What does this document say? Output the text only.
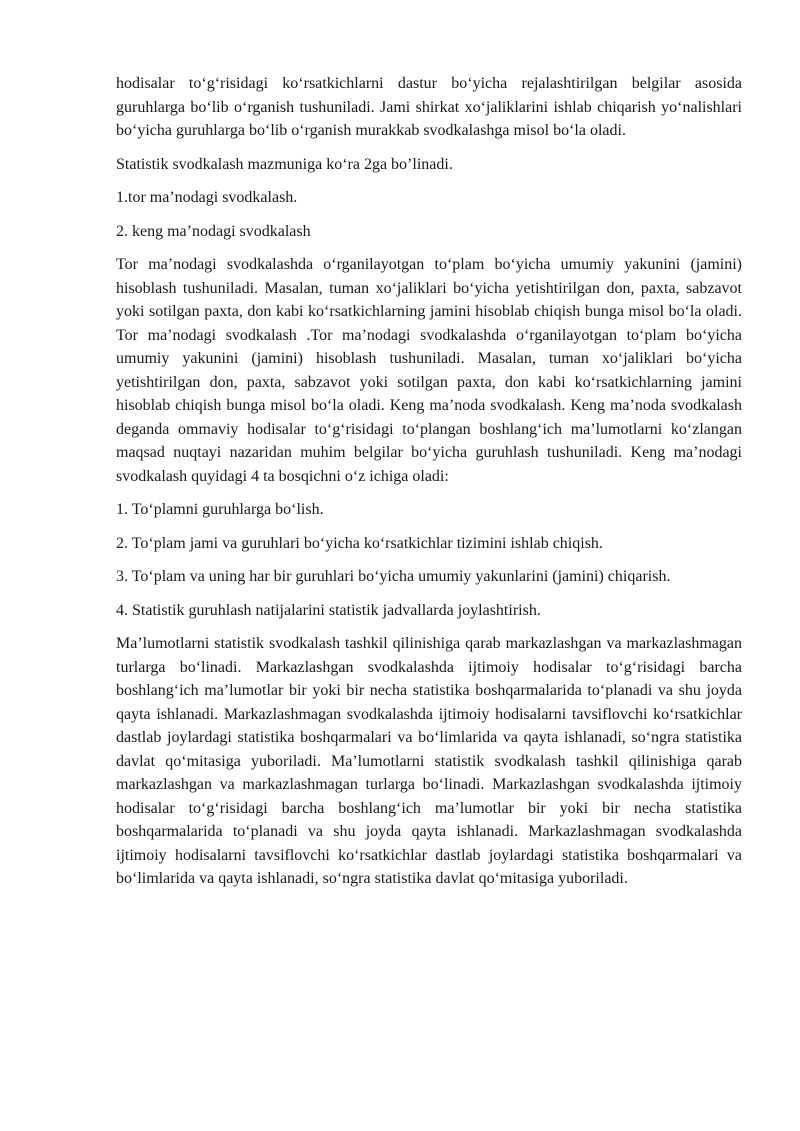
hodisalar to‘g‘risidagi ko‘rsatkichlarni dastur bo‘yicha rejalashtirilgan belgilar asosida guruhlarga bo‘lib o‘rganish tushuniladi. Jami shirkat xo‘jaliklarini ishlab chiqarish yo‘nalishlari bo‘yicha guruhlarga bo‘lib o‘rganish murakkab svodkalashga misol bo‘la oladi.

Statistik svodkalash mazmuniga ko‘ra 2ga bo’linadi.

1.tor ma’nodagi svodkalash.

2. keng ma’nodagi svodkalash

Tor ma’nodagi svodkalashda o‘rganilayotgan to‘plam bo‘yicha umumiy yakunini (jamini) hisoblash tushuniladi. Masalan, tuman xo‘jaliklari bo‘yicha yetishtirilgan don, paxta, sabzavot yoki sotilgan paxta, don kabi ko‘rsatkichlarning jamini hisoblab chiqish bunga misol bo‘la oladi. Tor ma’nodagi svodkalash .Tor ma’nodagi svodkalashda o‘rganilayotgan to‘plam bo‘yicha umumiy yakunini (jamini) hisoblash tushuniladi. Masalan, tuman xo‘jaliklari bo‘yicha yetishtirilgan don, paxta, sabzavot yoki sotilgan paxta, don kabi ko‘rsatkichlarning jamini hisoblab chiqish bunga misol bo‘la oladi. Keng ma’noda svodkalash. Keng ma’noda svodkalash deganda ommaviy hodisalar to‘g‘risidagi to‘plangan boshlang‘ich ma’lumotlarni ko‘zlangan maqsad nuqtayi nazaridan muhim belgilar bo‘yicha guruhlash tushuniladi. Keng ma’nodagi svodkalash quyidagi 4 ta bosqichni o‘z ichiga oladi:

1. To‘plamni guruhlarga bo‘lish.

2. To‘plam jami va guruhlari bo‘yicha ko‘rsatkichlar tizimini ishlab chiqish.

3. To‘plam va uning har bir guruhlari bo‘yicha umumiy yakunlarini (jamini) chiqarish.

4. Statistik guruhlash natijalarini statistik jadvallarda joylashtirish.

Ma’lumotlarni statistik svodkalash tashkil qilinishiga qarab markazlashgan va markazlashmagan turlarga bo‘linadi. Markazlashgan svodkalashda ijtimoiy hodisalar to‘g‘risidagi barcha boshlang‘ich ma’lumotlar bir yoki bir necha statistika boshqarmalarida to‘planadi va shu joyda qayta ishlanadi. Markazlashmagan svodkalashda ijtimoiy hodisalarni tavsiflovchi ko‘rsatkichlar dastlab joylardagi statistika boshqarmalari va bo‘limlarida va qayta ishlanadi, so‘ngra statistika davlat qo‘mitasiga yuboriladi. Ma’lumotlarni statistik svodkalash tashkil qilinishiga qarab markazlashgan va markazlashmagan turlarga bo‘linadi. Markazlashgan svodkalashda ijtimoiy hodisalar to‘g‘risidagi barcha boshlang‘ich ma’lumotlar bir yoki bir necha statistika boshqarmalarida to‘planadi va shu joyda qayta ishlanadi. Markazlashmagan svodkalashda ijtimoiy hodisalarni tavsiflovchi ko‘rsatkichlar dastlab joylardagi statistika boshqarmalari va bo‘limlarida va qayta ishlanadi, so‘ngra statistika davlat qo‘mitasiga yuboriladi.
